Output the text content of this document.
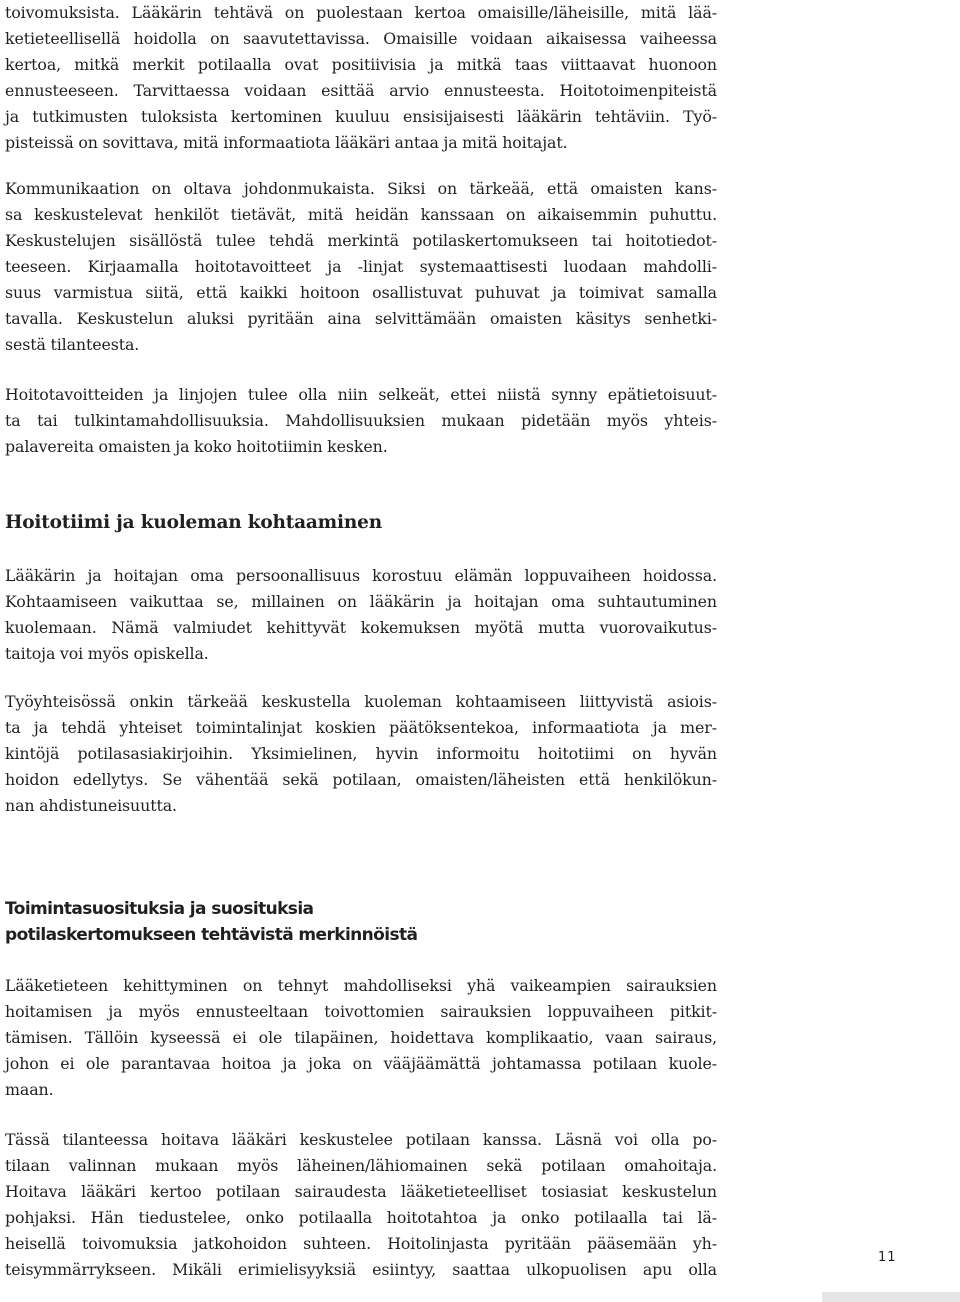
toivomuksista. Lääkärin tehtävä on puolestaan kertoa omaisille/läheisille, mitä lää-
ketieteellisellä hoidolla on saavutettavissa. Omaisille voidaan aikaisessa vaiheessa
kertoa, mitkä merkit potilaalla ovat positiivisia ja mitkä taas viittaavat huonoon
ennusteeseen. Tarvittaessa voidaan esittää arvio ennusteesta. Hoitotoimenpiteistä
ja tutkimusten tuloksista kertominen kuuluu ensisijaisesti lääkärin tehtäviin. Työ-
pisteissä on sovittava, mitä informaatiota lääkäri antaa ja mitä hoitajat.

Kommunikaation on oltava johdonmukaista. Siksi on tärkeää, että omaisten kans-
sa keskustelevat henkilöt tietävät, mitä heidän kanssaan on aikaisemmin puhuttu.
Keskustelujen sisällöstä tulee tehdä merkintä potilaskertomukseen tai hoitotiedot-
teeseen. Kirjaamalla hoitotavoitteet ja -linjat systemaattisesti luodaan mahdolli-
suus varmistua siitä, että kaikki hoitoon osallistuvat puhuvat ja toimivat samalla
tavalla. Keskustelun aluksi pyritään aina selvittämään omaisten käsitys senhetki-
sestä tilanteesta.

Hoitotavoitteiden ja linjojen tulee olla niin selkeät, ettei niistä synny epätietoisuut-
ta tai tulkintamahdollisuuksia. Mahdollisuuksien mukaan pidetään myös yhteis-
palavereita omaisten ja koko hoitotiimin kesken.

Hoitotiimi ja kuoleman kohtaaminen

Lääkärin ja hoitajan oma persoonallisuus korostuu elämän loppuvaiheen hoidossa.
Kohtaamiseen vaikuttaa se, millainen on lääkärin ja hoitajan oma suhtautuminen
kuolemaan. Nämä valmiudet kehittyvät kokemuksen myötä mutta vuorovaikutus-
taitoja voi myös opiskella.

Työyhteisössä onkin tärkeää keskustella kuoleman kohtaamiseen liittyvistä asiois-
ta ja tehdä yhteiset toimintalinjat koskien päätöksentekoa, informaatiota ja mer-
kintöjä potilasasiakirjoihin. Yksimielinen, hyvin informoitu hoitotiimi on hyvän
hoidon edellytys. Se vähentää sekä potilaan, omaisten/läheisten että henkilökun-
nan ahdistuneisuutta.

Toimintasuosituksia ja suosituksia
potilaskertomukseen tehtävistä merkinnöistä

Lääketieteen kehittyminen on tehnyt mahdolliseksi yhä vaikeampien sairauksien
hoitamisen ja myös ennusteeltaan toivottomien sairauksien loppuvaiheen pitkit-
tämisen. Tällöin kyseessä ei ole tilapäinen, hoidettava komplikaatio, vaan sairaus,
johon ei ole parantavaa hoitoa ja joka on vääjäämättä johtamassa potilaan kuole-
maan.

Tässä tilanteessa hoitava lääkäri keskustelee potilaan kanssa. Läsnä voi olla po-
tilaan valinnan mukaan myös läheinen/lähiomainen sekä potilaan omahoitaja.
Hoitava lääkäri kertoo potilaan sairaudesta lääketieteelliset tosiasiat keskustelun
pohjaksi. Hän tiedustelee, onko potilaalla hoitotahtoa ja onko potilaalla tai lä-
heisellä toivomuksia jatkohoidon suhteen. Hoitolinjasta pyritään pääsemään yh-
teisymmärrykseen. Mikäli erimielisyyksiä esiintyy, saattaa ulkopuolisen apu olla

11
